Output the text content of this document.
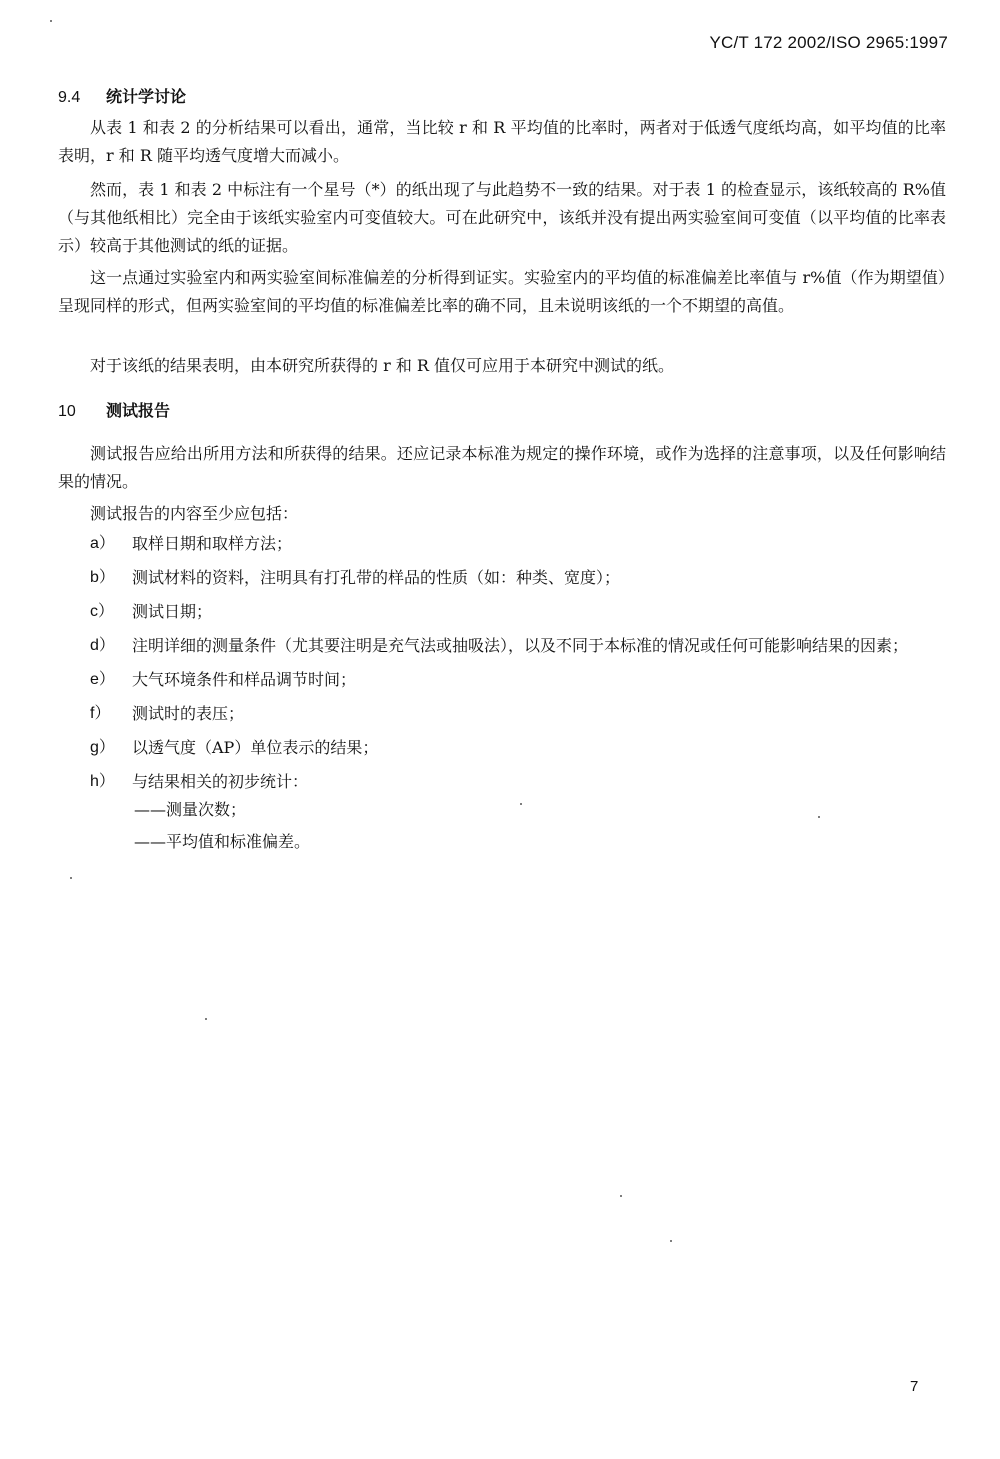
YC/T 172 2002/ISO 2965:1997
9.4 统计学讨论

从表 1 和表 2 的分析结果可以看出，通常，当比较 r 和 R 平均值的比率时，两者对于低透气度纸均高，如平均值的比率表明，r 和 R 随平均透气度增大而减小。

然而，表 1 和表 2 中标注有一个星号（*）的纸出现了与此趋势不一致的结果。对于表 1 的检查显示，该纸较高的 R%值（与其他纸相比）完全由于该纸实验室内可变值较大。可在此研究中，该纸并没有提出两实验室间可变值（以平均值的比率表示）较高于其他测试的纸的证据。

这一点通过实验室内和两实验室间标准偏差的分析得到证实。实验室内的平均值的标准偏差比率值与 r%值（作为期望值）呈现同样的形式，但两实验室间的平均值的标准偏差比率的确不同，且未说明该纸的一个不期望的高值。

对于该纸的结果表明，由本研究所获得的 r 和 R 值仅可应用于本研究中测试的纸。

10 测试报告

测试报告应给出所用方法和所获得的结果。还应记录本标准为规定的操作环境，或作为选择的注意事项，以及任何影响结果的情况。

测试报告的内容至少应包括：

a）	取样日期和取样方法；
b）	测试材料的资料，注明具有打孔带的样品的性质（如：种类、宽度）；
c）	测试日期；
d）	注明详细的测量条件（尤其要注明是充气法或抽吸法），以及不同于本标准的情况或任何可能影响结果的因素；
e）	大气环境条件和样品调节时间；
f）	测试时的表压；
g）	以透气度（AP）单位表示的结果；
h）	与结果相关的初步统计：
——测量次数；
——平均值和标准偏差。
7
